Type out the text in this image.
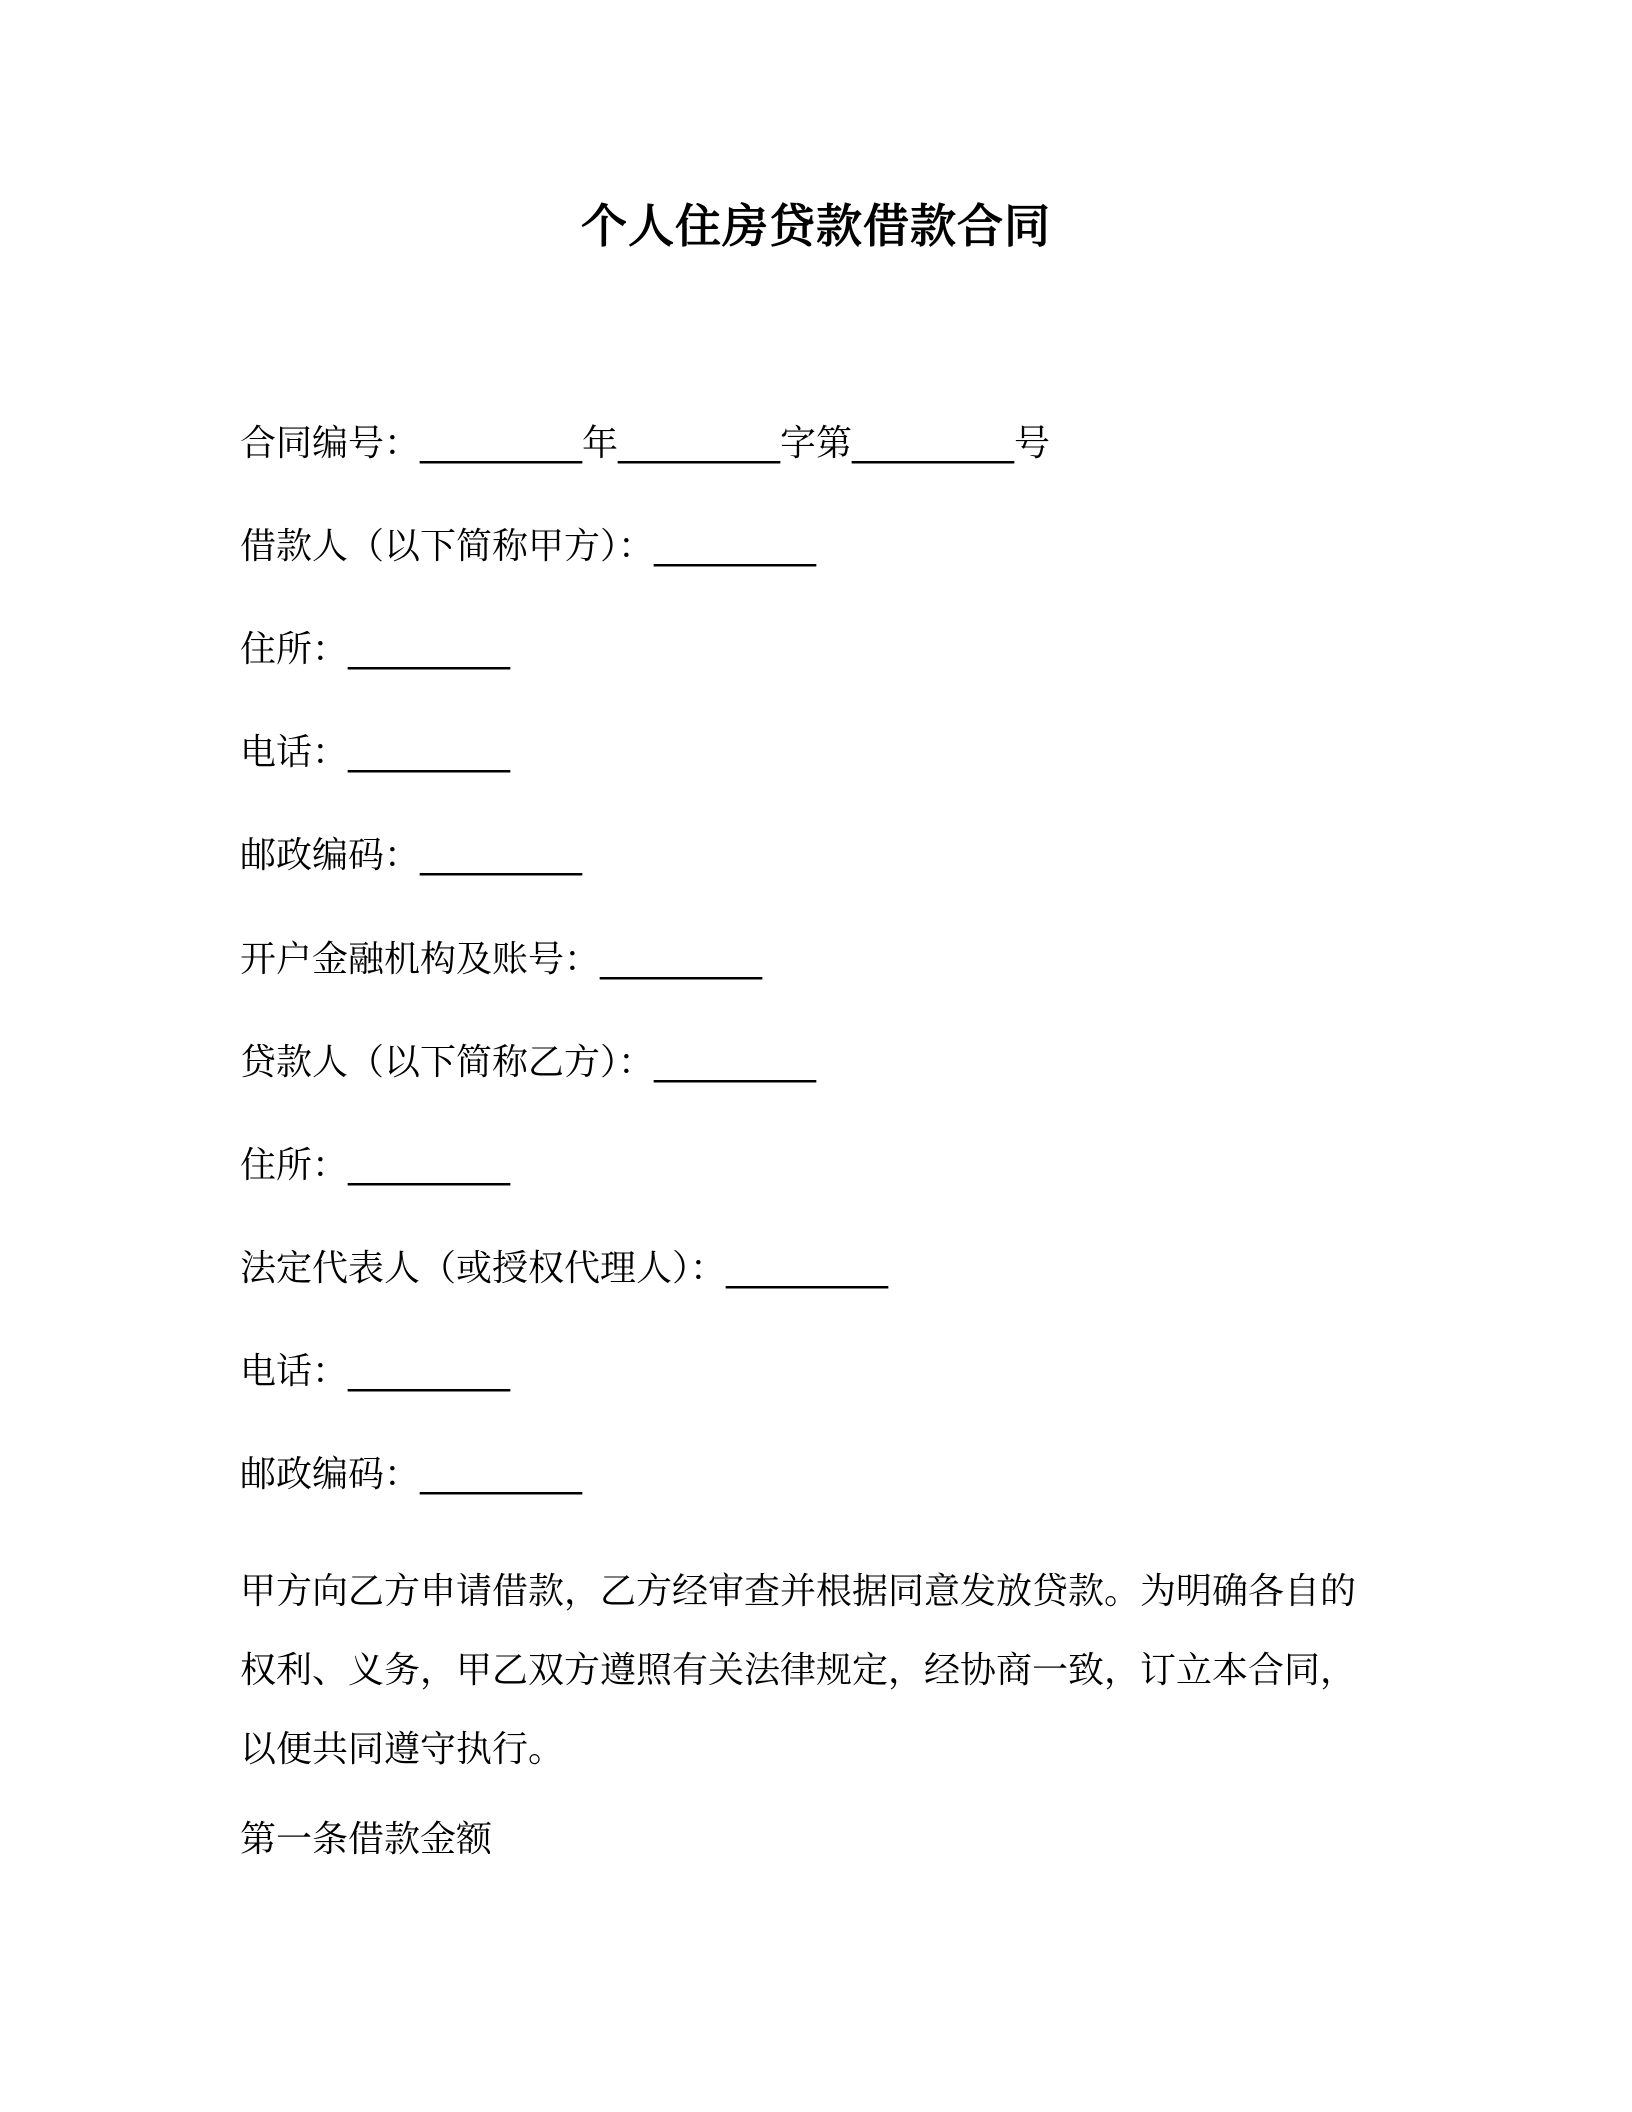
个人住房贷款借款合同
合同编号：_________年_________字第_________号
借款人（以下简称甲方）：_________
住所：_________
电话：_________
邮政编码：_________
开户金融机构及账号：_________
贷款人（以下简称乙方）：_________
住所：_________
法定代表人（或授权代理人）：_________
电话：_________
邮政编码：_________

甲方向乙方申请借款，乙方经审查并根据同意发放贷款。为明确各自的权利、义务，甲乙双方遵照有关法律规定，经协商一致，订立本合同，以便共同遵守执行。

第一条借款金额
